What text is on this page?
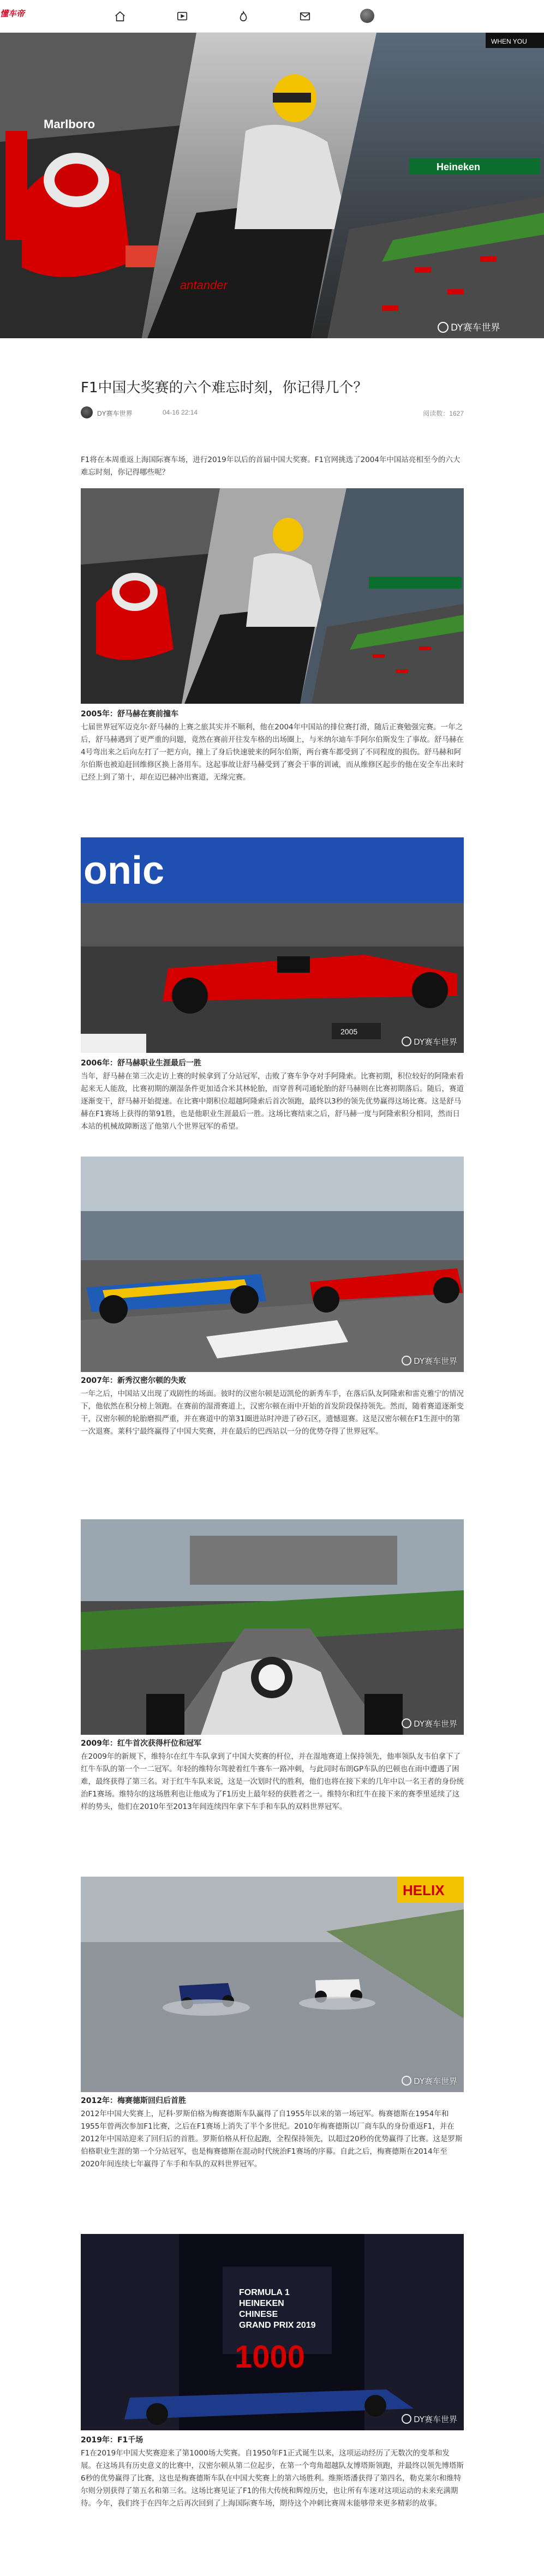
懂车帝
Marlboro
antander
Heineken
WHEN YOU
DY赛车世界
F1中国大奖赛的六个难忘时刻，你记得几个？
DY赛车世界	04-16 22:14	阅读数：1627

F1将在本周重返上海国际赛车场，进行2019年以后的首届中国大奖赛。F1官网挑选了2004年中国站亮相至今的六大难忘时刻，你记得哪些呢？

2005年：舒马赫在赛前撞车

七届世界冠军迈克尔·舒马赫的上赛之旅其实并不顺利，他在2004年中国站的排位赛打滑，随后正赛勉强完赛。一年之后，舒马赫遇到了更严重的问题，竟然在赛前开往发车格的出场圈上，与米纳尔迪车手阿尔伯斯发生了事故。舒马赫在4号弯出来之后向左打了一把方向，撞上了身后快速驶来的阿尔伯斯，两台赛车都受到了不同程度的损伤。舒马赫和阿尔伯斯也被迫赶回维修区换上备用车。这起事故让舒马赫受到了赛会干事的训诫，而从维修区起步的他在安全车出来时已经上到了第十，却在迈巴赫冲出赛道，无缘完赛。

onic
2005
DY赛车世界
2006年：舒马赫职业生涯最后一胜

当年，舒马赫在第三次走访上赛的时候拿到了分站冠军，击败了赛车争夺对手阿隆索。比赛初期，积位较好的阿隆索看起来无人能敌，比赛初期的潮湿条件更加适合米其林轮胎，而穿普利司通轮胎的舒马赫则在比赛初期落后。随后，赛道逐渐变干，舒马赫开始提速。在比赛中期积位超越阿隆索后首次领跑，最终以3秒的领先优势赢得这场比赛。这是舒马赫在F1赛场上获得的第91胜，也是他职业生涯最后一胜。这场比赛结束之后，舒马赫一度与阿隆索积分相同，然而日本站的机械故障断送了他第八个世界冠军的希望。

DY赛车世界
2007年：新秀汉密尔顿的失败

一年之后，中国站又出现了戏剧性的场面。彼时的汉密尔顿是迈凯伦的新秀车手，在落后队友阿隆索和雷克雅宁的情况下，他依然在积分榜上领跑。在赛前的湿滑赛道上，汉密尔顿在雨中开始的首发阶段保持领先。然而，随着赛道逐渐变干，汉密尔顿的轮胎磨损严重，并在赛道中的第31圈进站时冲进了砂石区，遗憾退赛。这是汉密尔顿在F1生涯中的第一次退赛。莱科宁最终赢得了中国大奖赛，并在最后的巴西站以一分的优势夺得了世界冠军。

DY赛车世界
2009年：红牛首次获得杆位和冠军

在2009年的新规下，维特尔在红牛车队拿到了中国大奖赛的杆位，并在湿地赛道上保持领先，他率领队友韦伯拿下了红牛车队的第一个一二冠军。年轻的维特尔驾驶着红牛赛车一路冲刺，与此同时布朗GP车队的巴顿也在雨中遭遇了困难，最终获得了第三名。对于红牛车队来说，这是一次划时代的胜利，他们也将在接下来的几年中以一名王者的身份统治F1赛场。维特尔的这场胜利也让他成为了F1历史上最年轻的获胜者之一。维特尔和红牛在接下来的赛季里延续了这样的势头，他们在2010年至2013年间连续四年拿下车手和车队的双料世界冠军。

HELIX
DY赛车世界
2012年：梅赛德斯回归后首胜

2012年中国大奖赛上，尼科·罗斯伯格为梅赛德斯车队赢得了自1955年以来的第一场冠军。梅赛德斯在1954年和1955年曾两次参加F1比赛，之后在F1赛场上消失了半个多世纪。2010年梅赛德斯以厂商车队的身份重返F1，并在2012年中国站迎来了回归后的首胜。罗斯伯格从杆位起跑，全程保持领先，以超过20秒的优势赢得了比赛。这是罗斯伯格职业生涯的第一个分站冠军，也是梅赛德斯在混动时代统治F1赛场的序幕。自此之后，梅赛德斯在2014年至2020年间连续七年赢得了车手和车队的双料世界冠军。

FORMULA 1
HEINEKEN
CHINESE
GRAND PRIX 2019
1000
DY赛车世界
2019年：F1千场

F1在2019年中国大奖赛迎来了第1000场大奖赛。自1950年F1正式诞生以来，这项运动经历了无数次的变革和发展。在这场具有历史意义的比赛中，汉密尔顿从第二位起步，在第一个弯角超越队友博塔斯领跑，并最终以领先博塔斯6秒的优势赢得了比赛，这也是梅赛德斯车队在中国大奖赛上的第六场胜利。维斯塔潘获得了第四名，勒克莱尔和维特尔则分别获得了第五名和第三名。这场比赛见证了F1的伟大传统和辉煌历史，也让所有车迷对这项运动的未来充满期待。今年，我们终于在四年之后再次回到了上海国际赛车场，期待这个冲刺比赛周末能够带来更多精彩的故事。
